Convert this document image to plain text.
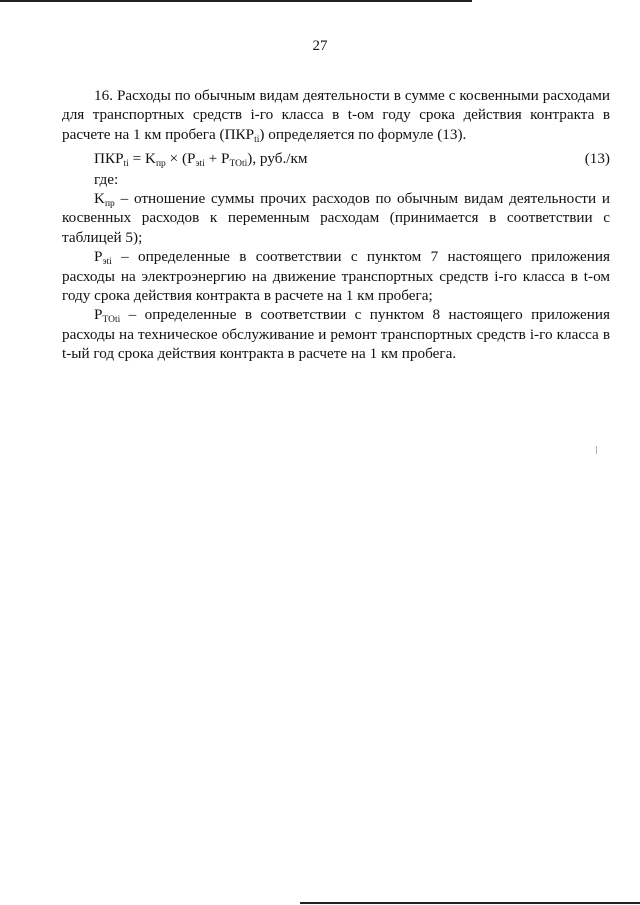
27

16. Расходы по обычным видам деятельности в сумме с косвенными расходами для транспортных средств i-го класса в t-ом году срока действия контракта в расчете на 1 км пробега $(ПКР_{ti})$ определяется по формуле (13).

$ПКР_{ti} = K_{пр} \times (P_{эti} + P_{ТОti})$, руб./км	(13)

где:

$K_{пр}$ – отношение суммы прочих расходов по обычным видам деятельности и косвенных расходов к переменным расходам (принимается в соответствии с таблицей 5);

$P_{эti}$ – определенные в соответствии с пунктом 7 настоящего приложения расходы на электроэнергию на движение транспортных средств i-го класса в t-ом году срока действия контракта в расчете на 1 км пробега;

$P_{ТОti}$ – определенные в соответствии с пунктом 8 настоящего приложения расходы на техническое обслуживание и ремонт транспортных средств i-го класса в t-ый год срока действия контракта в расчете на 1 км пробега.
